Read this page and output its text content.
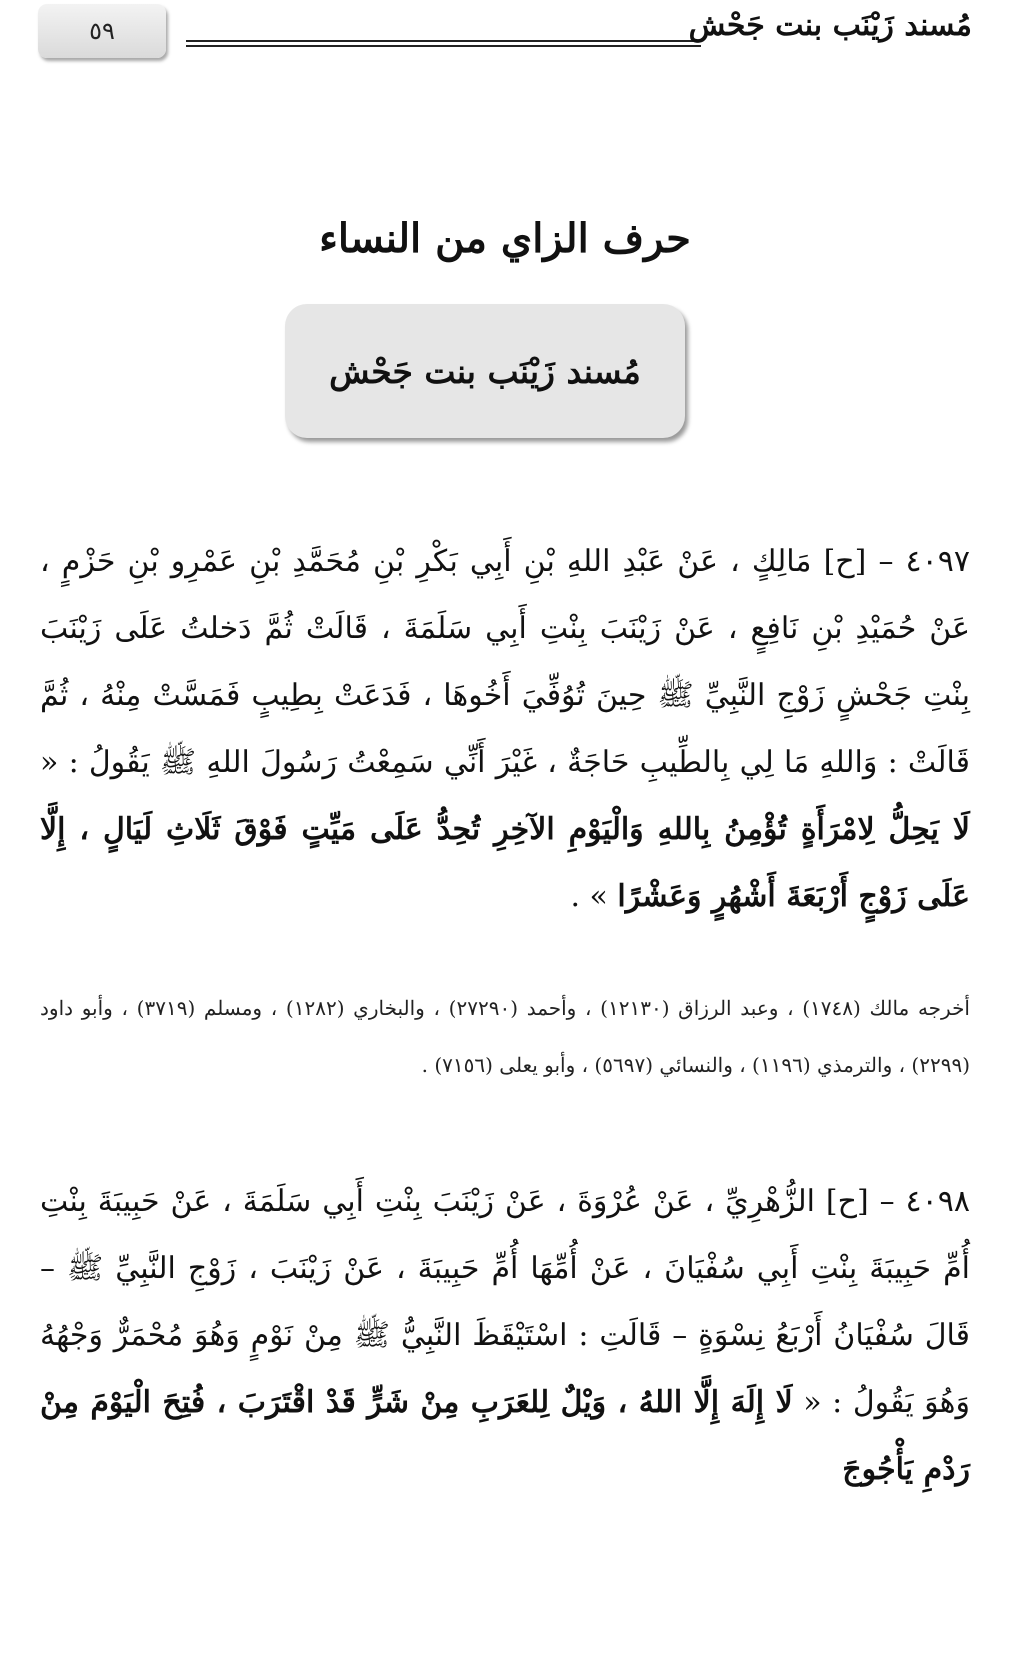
٥٩	مُسند زَيْنَب بنت جَحْش
حرف الزاي من النساء
مُسند زَيْنَب بنت جَحْش
٤٠٩٧ – [ح] مَالِكٍ ، عَنْ عَبْدِ اللهِ بْنِ أَبِي بَكْرِ بْنِ مُحَمَّدِ بْنِ عَمْرِو بْنِ حَزْمٍ ، عَنْ حُمَيْدِ بْنِ نَافِعٍ ، عَنْ زَيْنَبَ بِنْتِ أَبِي سَلَمَةَ ، قَالَتْ ثُمَّ دَخلتُ عَلَى زَيْنَبَ بِنْتِ جَحْشٍ زَوْجِ النَّبِيِّ ﷺ حِينَ تُوُفِّيَ أَخُوهَا ، فَدَعَتْ بِطِيبٍ فَمَسَّتْ مِنْهُ ، ثُمَّ قَالَتْ : وَاللهِ مَا لِي بِالطِّيبِ حَاجَةٌ ، غَيْرَ أَنِّي سَمِعْتُ رَسُولَ اللهِ ﷺ يَقُولُ : « لَا يَحِلُّ لِامْرَأَةٍ تُؤْمِنُ بِاللهِ وَالْيَوْمِ الآخِرِ تُحِدُّ عَلَى مَيِّتٍ فَوْقَ ثَلَاثِ لَيَالٍ ، إِلَّا عَلَى زَوْجٍ أَرْبَعَةَ أَشْهُرٍ وَعَشْرًا » .
أخرجه مالك (١٧٤٨) ، وعبد الرزاق (١٢١٣٠) ، وأحمد (٢٧٢٩٠) ، والبخاري (١٢٨٢) ، ومسلم (٣٧١٩) ، وأبو داود (٢٢٩٩) ، والترمذي (١١٩٦) ، والنسائي (٥٦٩٧) ، وأبو يعلى (٧١٥٦) .
٤٠٩٨ – [ح] الزُّهْرِيِّ ، عَنْ عُرْوَةَ ، عَنْ زَيْنَبَ بِنْتِ أَبِي سَلَمَةَ ، عَنْ حَبِيبَةَ بِنْتِ أُمِّ حَبِيبَةَ بِنْتِ أَبِي سُفْيَانَ ، عَنْ أُمِّهَا أُمِّ حَبِيبَةَ ، عَنْ زَيْنَبَ ، زَوْجِ النَّبِيِّ ﷺ – قَالَ سُفْيَانُ أَرْبَعُ نِسْوَةٍ – قَالَتِ : اسْتَيْقَظَ النَّبِيُّ ﷺ مِنْ نَوْمٍ وَهُوَ مُحْمَرٌّ وَجْهُهُ وَهُوَ يَقُولُ : « لَا إِلَهَ إِلَّا اللهُ ، وَيْلٌ لِلعَرَبِ مِنْ شَرٍّ قَدْ اقْتَرَبَ ، فُتِحَ الْيَوْمَ مِنْ رَدْمِ يَأْجُوجَ
